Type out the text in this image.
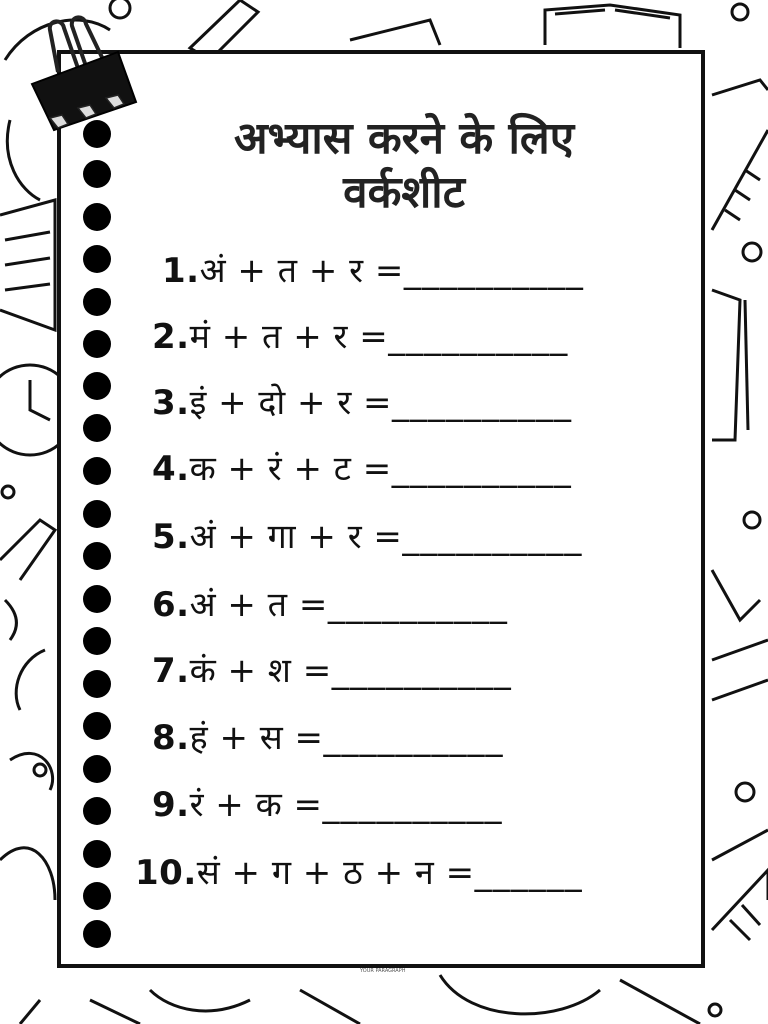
अभ्यास करने के लिए
वर्कशीट
1.अं + त + र =__________
2.मं + त + र =__________
3.इं + दो + र =__________
4.क + रं + ट =__________
5.अं + गा + र =__________
6.अं + त =__________
7.कं + श =__________
8.हं + स =__________
9.रं + क =__________
10.सं + ग + ठ + न =______
YOUR PARAGRAPH
